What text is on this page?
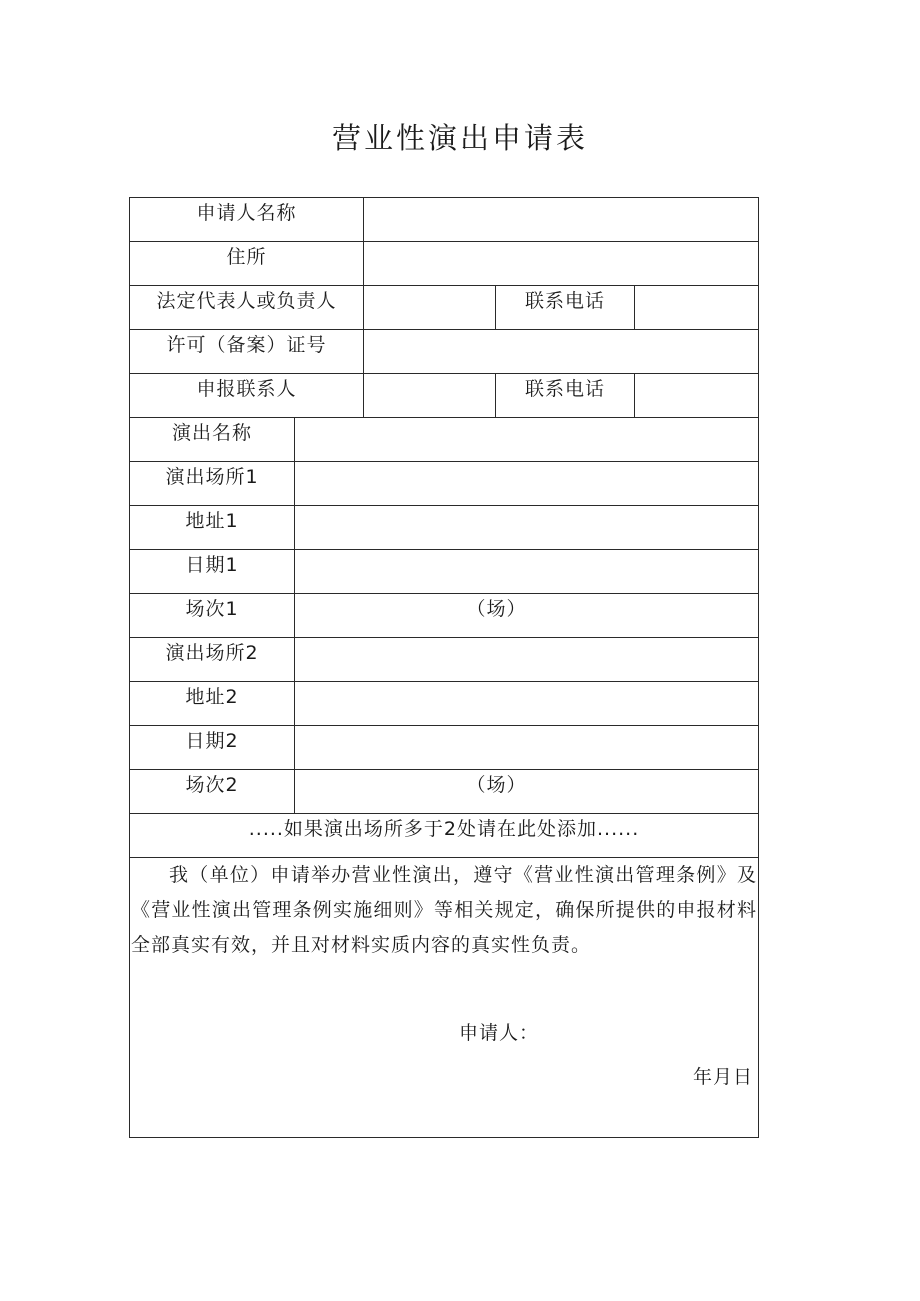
营业性演出申请表
申请人名称
住所
法定代表人或负责人	联系电话
许可（备案）证号
申报联系人	联系电话
演出名称
演出场所1
地址1
日期1
场次1	（场）
演出场所2
地址2
日期2
场次2	（场）
.....如果演出场所多于2处请在此处添加......
我（单位）申请举办营业性演出，遵守《营业性演出管理条例》及《营业性演出管理条例实施细则》等相关规定，确保所提供的申报材料全部真实有效，并且对材料实质内容的真实性负责。
申请人：
年月日
